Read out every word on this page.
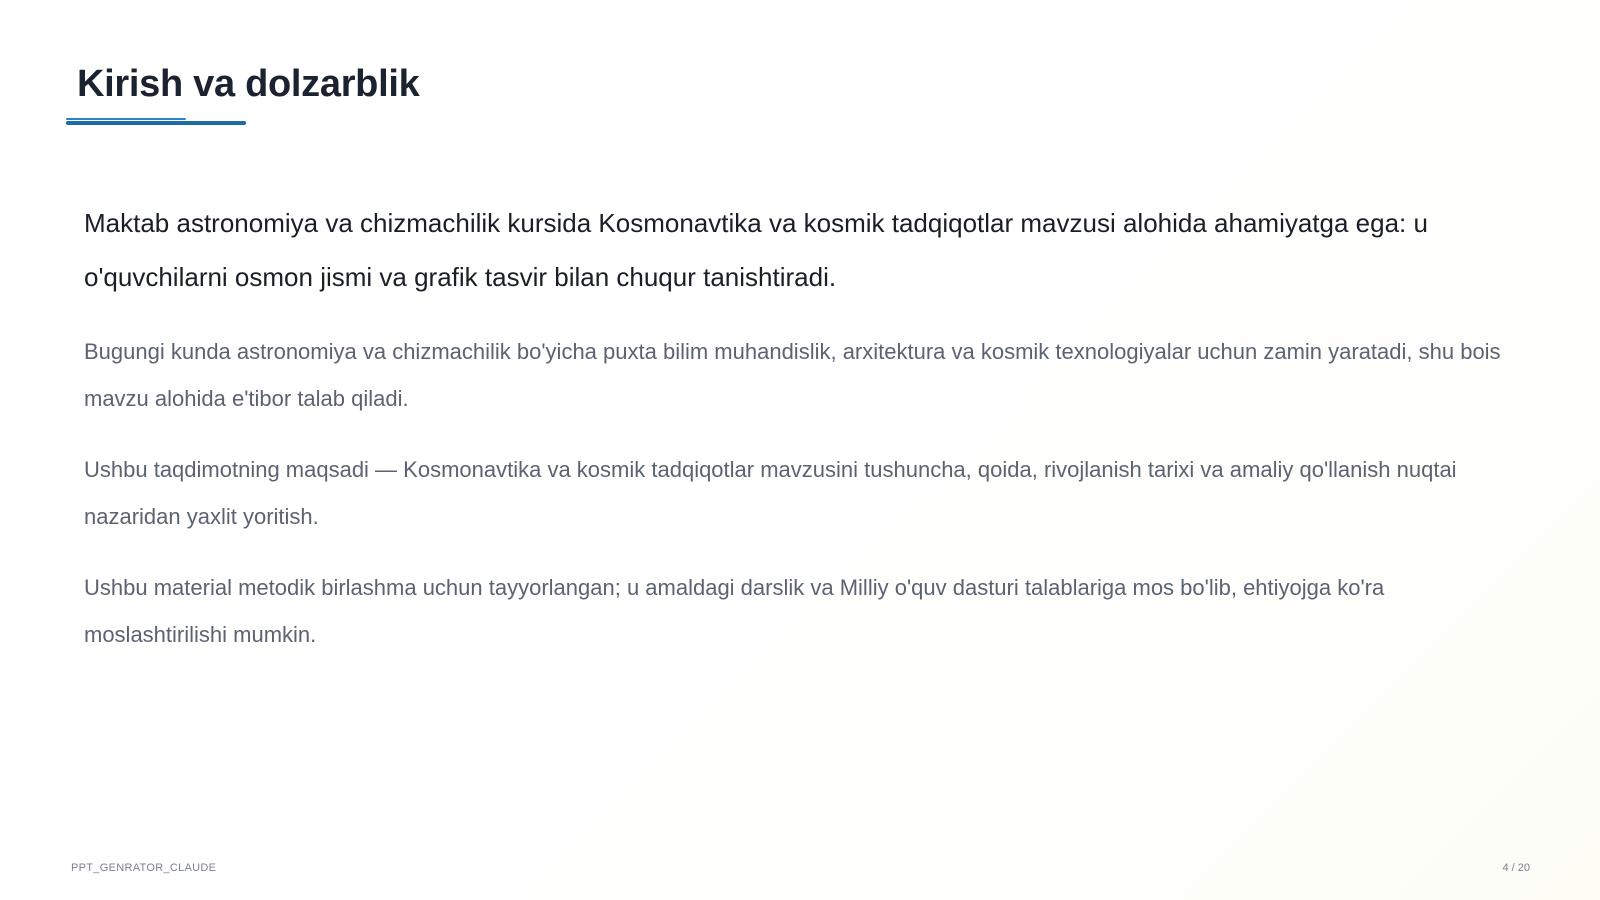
Kirish va dolzarblik

Maktab astronomiya va chizmachilik kursida Kosmonavtika va kosmik tadqiqotlar mavzusi alohida ahamiyatga ega: u o'quvchilarni osmon jismi va grafik tasvir bilan chuqur tanishtiradi.

Bugungi kunda astronomiya va chizmachilik bo'yicha puxta bilim muhandislik, arxitektura va kosmik texnologiyalar uchun zamin yaratadi, shu bois mavzu alohida e'tibor talab qiladi.

Ushbu taqdimotning maqsadi — Kosmonavtika va kosmik tadqiqotlar mavzusini tushuncha, qoida, rivojlanish tarixi va amaliy qo'llanish nuqtai nazaridan yaxlit yoritish.

Ushbu material metodik birlashma uchun tayyorlangan; u amaldagi darslik va Milliy o'quv dasturi talablariga mos bo'lib, ehtiyojga ko'ra moslashtirilishi mumkin.

PPT_GENRATOR_CLAUDE	4 / 20
